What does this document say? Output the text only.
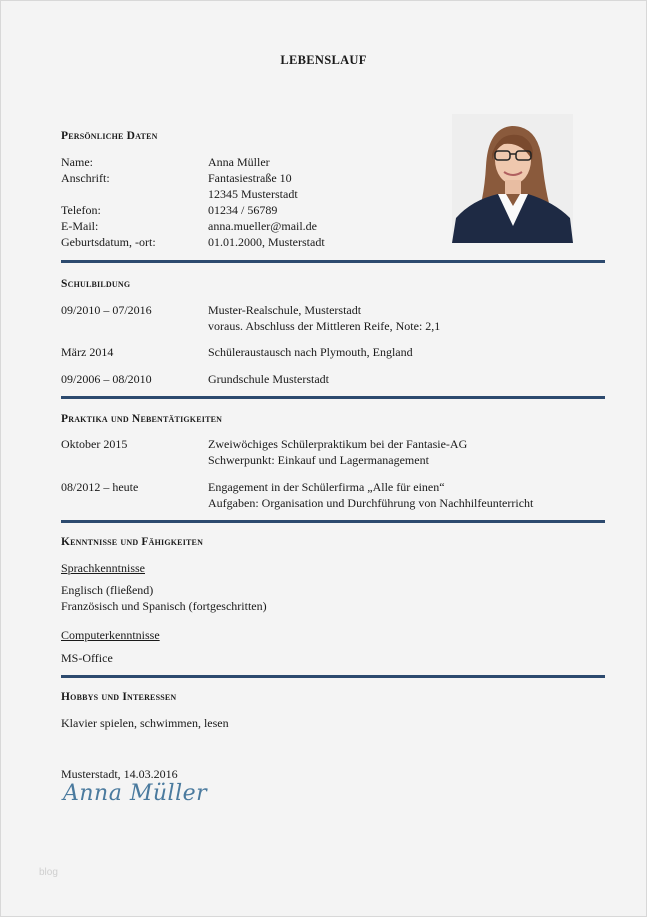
LEBENSLAUF
Persönliche Daten
Name:	Anna Müller
Anschrift:	Fantasiestraße 10
12345 Musterstadt
Telefon:	01234 / 56789
E-Mail:	anna.mueller@mail.de
Geburtsdatum, -ort:	01.01.2000, Musterstadt
Schulbildung
09/2010 – 07/2016	Muster-Realschule, Musterstadt
voraus. Abschluss der Mittleren Reife, Note: 2,1
März 2014	Schüleraustausch nach Plymouth, England
09/2006 – 08/2010	Grundschule Musterstadt
Praktika und Nebentätigkeiten
Oktober 2015	Zweiwöchiges Schülerpraktikum bei der Fantasie-AG
Schwerpunkt: Einkauf und Lagermanagement
08/2012 – heute	Engagement in der Schülerfirma „Alle für einen“
Aufgaben: Organisation und Durchführung von Nachhilfeunterricht
Kenntnisse und Fähigkeiten
Sprachkenntnisse
Englisch (fließend)
Französisch und Spanisch (fortgeschritten)
Computerkenntnisse
MS-Office
Hobbys und Interessen
Klavier spielen, schwimmen, lesen
Musterstadt, 14.03.2016
Anna Müller
blog
